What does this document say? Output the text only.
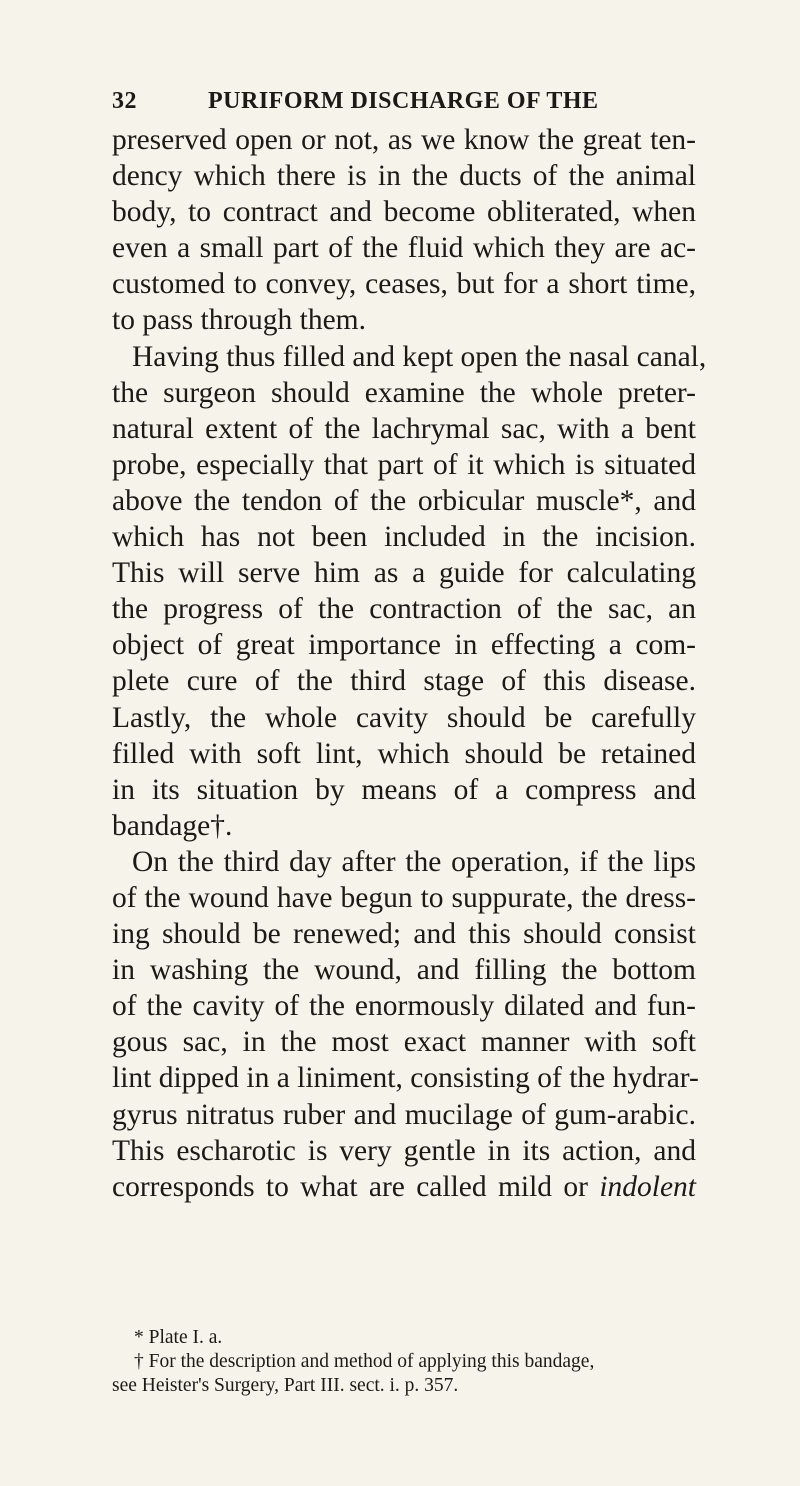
32	PURIFORM DISCHARGE OF THE
preserved open or not, as we know the great ten-
dency which there is in the ducts of the animal
body, to contract and become obliterated, when
even a small part of the fluid which they are ac-
customed to convey, ceases, but for a short time,
to pass through them.
Having thus filled and kept open the nasal canal,
the surgeon should examine the whole preter-
natural extent of the lachrymal sac, with a bent
probe, especially that part of it which is situated
above the tendon of the orbicular muscle*, and
which has not been included in the incision.
This will serve him as a guide for calculating
the progress of the contraction of the sac, an
object of great importance in effecting a com-
plete cure of the third stage of this disease.
Lastly, the whole cavity should be carefully
filled with soft lint, which should be retained
in its situation by means of a compress and
bandage†.
On the third day after the operation, if the lips
of the wound have begun to suppurate, the dress-
ing should be renewed; and this should consist
in washing the wound, and filling the bottom
of the cavity of the enormously dilated and fun-
gous sac, in the most exact manner with soft
lint dipped in a liniment, consisting of the hydrar-
gyrus nitratus ruber and mucilage of gum-arabic.
This escharotic is very gentle in its action, and
corresponds to what are called mild or indolent
* Plate I. a.
† For the description and method of applying this bandage,
see Heister's Surgery, Part III. sect. i. p. 357.
